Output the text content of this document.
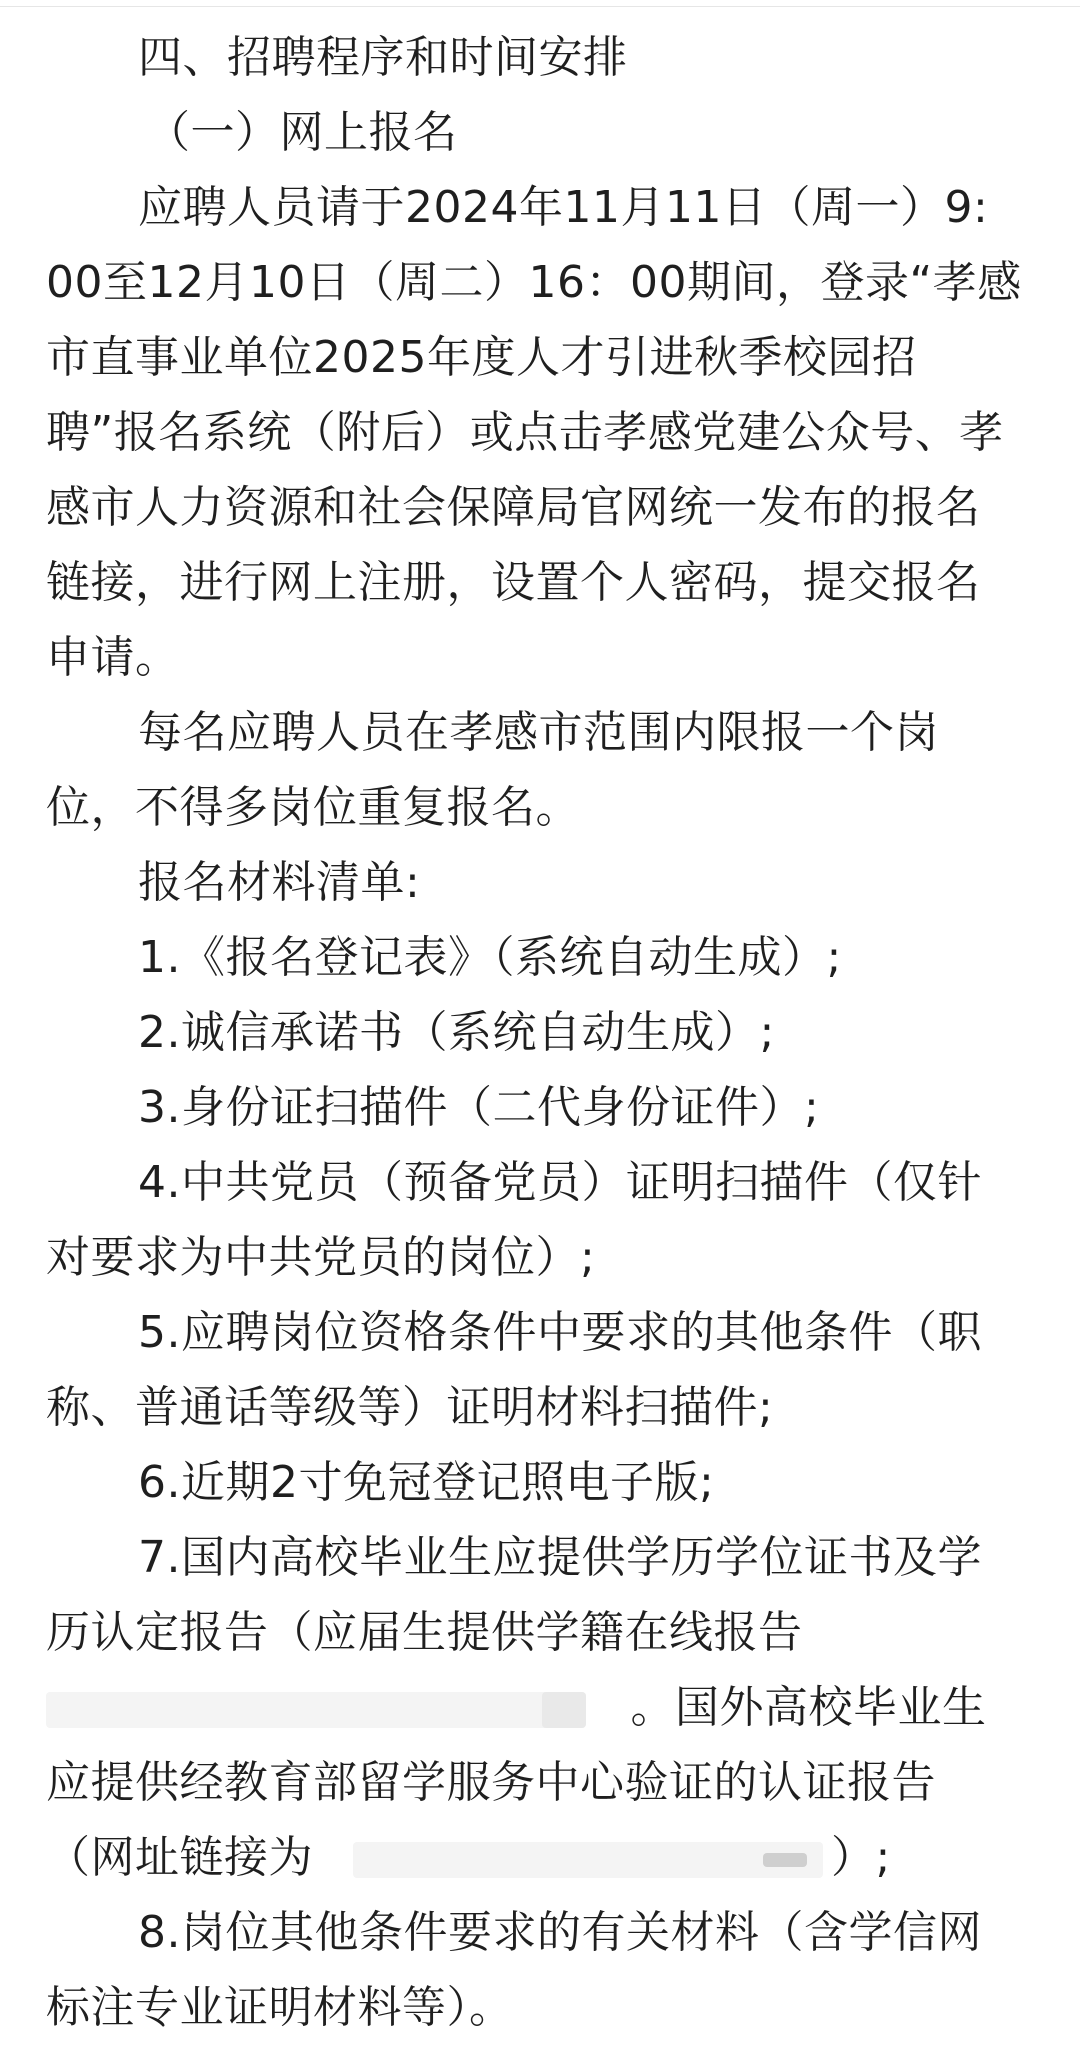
四、招聘程序和时间安排
（一）网上报名
应聘人员请于2024年11月11日（周一）9:
00至12月10日（周二）16：00期间，登录“孝感
市直事业单位2025年度人才引进秋季校园招
聘”报名系统（附后）或点击孝感党建公众号、孝
感市人力资源和社会保障局官网统一发布的报名
链接，进行网上注册，设置个人密码，提交报名
申请。
每名应聘人员在孝感市范围内限报一个岗
位，不得多岗位重复报名。
报名材料清单:
1.《报名登记表》（系统自动生成）;
2.诚信承诺书（系统自动生成）;
3.身份证扫描件（二代身份证件）;
4.中共党员（预备党员）证明扫描件（仅针
对要求为中共党员的岗位）;
5.应聘岗位资格条件中要求的其他条件（职
称、普通话等级等）证明材料扫描件;
6.近期2寸免冠登记照电子版;
7.国内高校毕业生应提供学历学位证书及学
历认定报告（应届生提供学籍在线报告
。国外高校毕业生
应提供经教育部留学服务中心验证的认证报告
（网址链接为	）;
8.岗位其他条件要求的有关材料（含学信网
标注专业证明材料等）。
